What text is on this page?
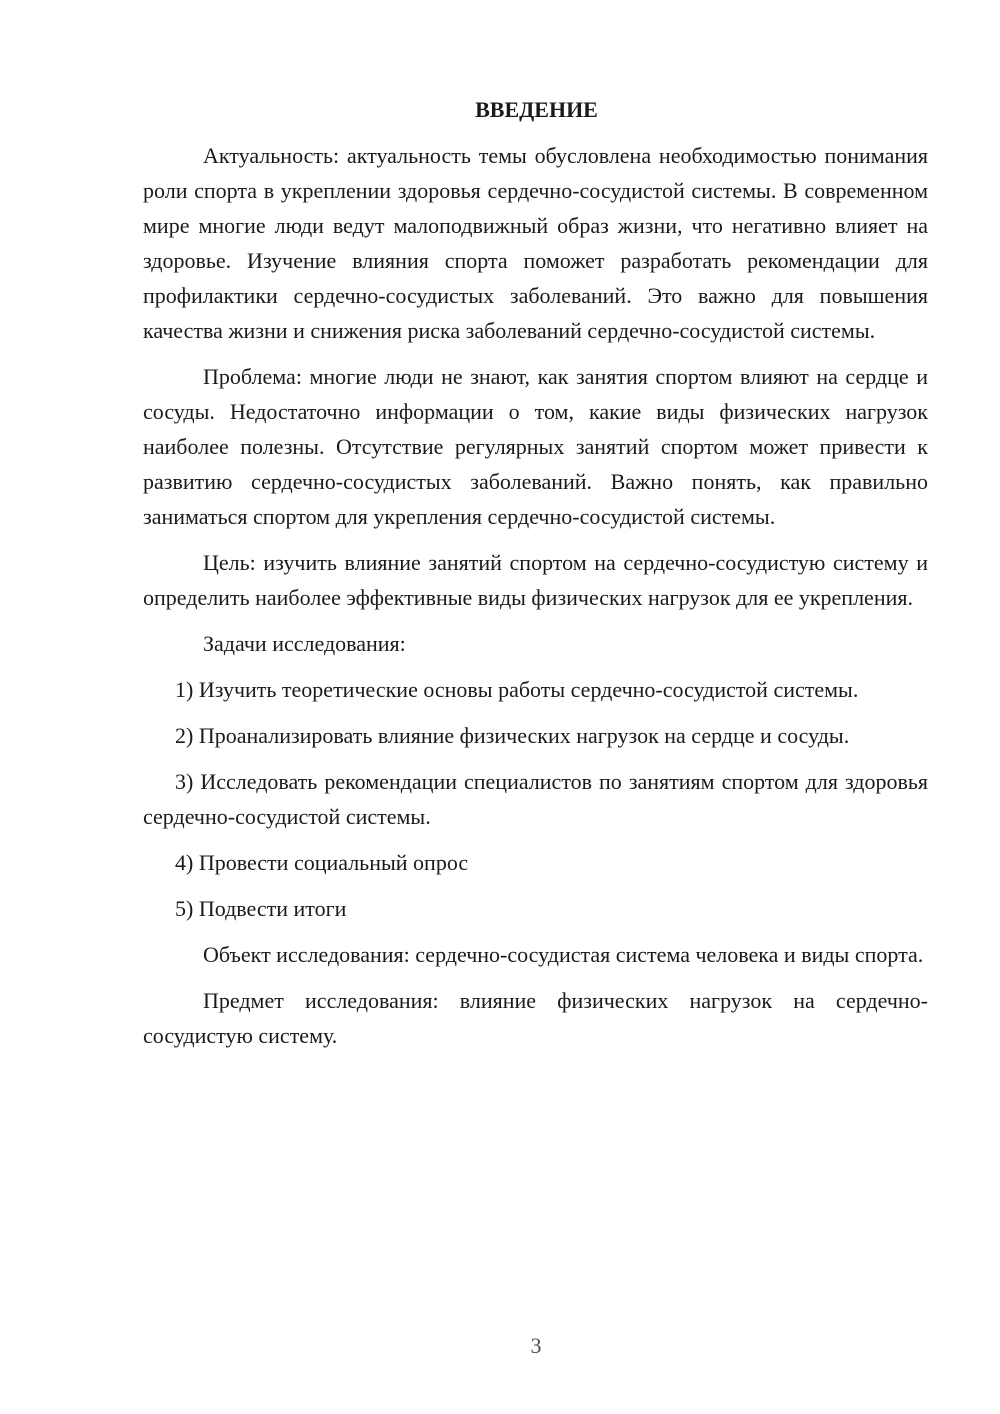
ВВЕДЕНИЕ

Актуальность: актуальность темы обусловлена необходимостью понимания роли спорта в укреплении здоровья сердечно-сосудистой системы. В современном мире многие люди ведут малоподвижный образ жизни, что негативно влияет на здоровье. Изучение влияния спорта поможет разработать рекомендации для профилактики сердечно-сосудистых заболеваний. Это важно для повышения качества жизни и снижения риска заболеваний сердечно-сосудистой системы.

Проблема: многие люди не знают, как занятия спортом влияют на сердце и сосуды. Недостаточно информации о том, какие виды физических нагрузок наиболее полезны. Отсутствие регулярных занятий спортом может привести к развитию сердечно-сосудистых заболеваний. Важно понять, как правильно заниматься спортом для укрепления сердечно-сосудистой системы.

Цель: изучить влияние занятий спортом на сердечно-сосудистую систему и определить наиболее эффективные виды физических нагрузок для ее укрепления.

Задачи исследования:

1) Изучить теоретические основы работы сердечно-сосудистой системы.

2) Проанализировать влияние физических нагрузок на сердце и сосуды.

3) Исследовать рекомендации специалистов по занятиям спортом для здоровья сердечно-сосудистой системы.

4) Провести социальный опрос

5) Подвести итоги

Объект исследования: сердечно-сосудистая система человека и виды спорта.

Предмет исследования: влияние физических нагрузок на сердечно-сосудистую систему.

3
